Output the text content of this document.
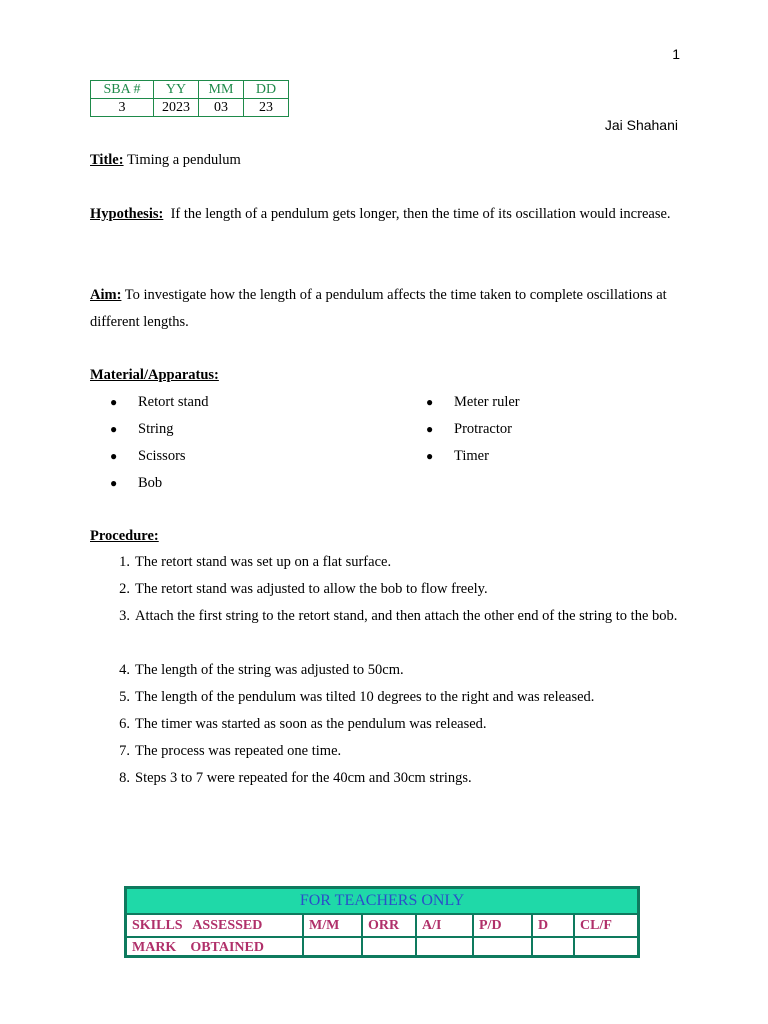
1
SBA #	YY	MM	DD
3	2023	03	23
Jai Shahani
Title: Timing a pendulum
Hypothesis: If the length of a pendulum gets longer, then the time of its oscillation would increase.
Aim: To investigate how the length of a pendulum affects the time taken to complete oscillations at different lengths.
Material/Apparatus:
● Retort stand
● String
● Scissors
● Bob
● Meter ruler
● Protractor
● Timer
Procedure:
1. The retort stand was set up on a flat surface.
2. The retort stand was adjusted to allow the bob to flow freely.
3. Attach the first string to the retort stand, and then attach the other end of the string to the bob.
4. The length of the string was adjusted to 50cm.
5. The length of the pendulum was tilted 10 degrees to the right and was released.
6. The timer was started as soon as the pendulum was released.
7. The process was repeated one time.
8. Steps 3 to 7 were repeated for the 40cm and 30cm strings.
FOR TEACHERS ONLY
SKILLS   ASSESSED	M/M	ORR	A/I	P/D	D	CL/F
MARK    OBTAINED
